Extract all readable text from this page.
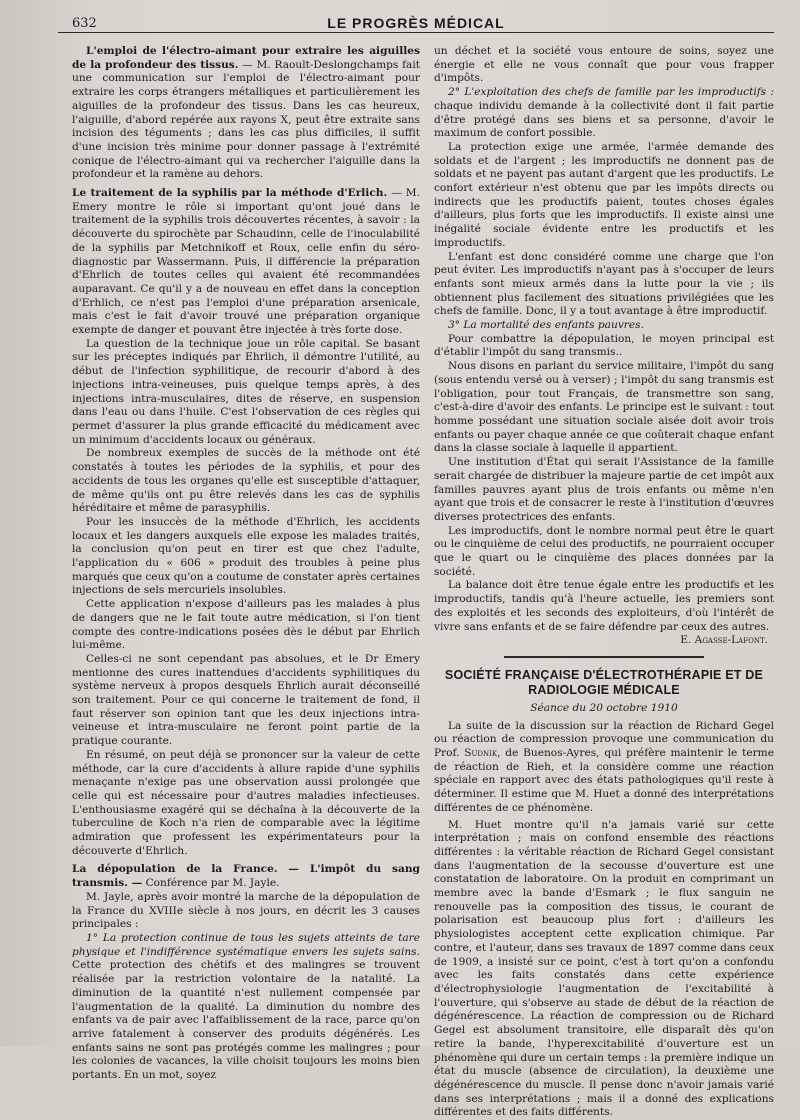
632	LE PROGRÈS MÉDICAL

L'emploi de l'électro-aimant pour extraire les aiguilles de la profondeur des tissus. — M. Raoult-Deslongchamps fait une communication sur l'emploi de l'électro-aimant pour extraire les corps étrangers métalliques et particulièrement les aiguilles de la profondeur des tissus. Dans les cas heureux, l'aiguille, d'abord repérée aux rayons X, peut être extraite sans incision des téguments ; dans les cas plus difficiles, il suffit d'une incision très minime pour donner passage à l'extrémité conique de l'électro-aimant qui va rechercher l'aiguille dans la profondeur et la ramène au dehors.

Le traitement de la syphilis par la méthode d'Erlich. — M. Emery montre le rôle si important qu'ont joué dans le traitement de la syphilis trois découvertes récentes, à savoir : la découverte du spirochète par Schaudinn, celle de l'inoculabilité de la syphilis par Metchnikoff et Roux, celle enfin du séro-diagnostic par Wassermann. Puis, il différencie la préparation d'Ehrlich de toutes celles qui avaient été recommandées auparavant. Ce qu'il y a de nouveau en effet dans la conception d'Erhlich, ce n'est pas l'emploi d'une préparation arsenicale, mais c'est le fait d'avoir trouvé une préparation organique exempte de danger et pouvant être injectée à très forte dose.

La question de la technique joue un rôle capital. Se basant sur les préceptes indiqués par Ehrlich, il démontre l'utilité, au début de l'infection syphilitique, de recourir d'abord à des injections intra-veineuses, puis quelque temps après, à des injections intra-musculaires, dites de réserve, en suspension dans l'eau ou dans l'huile. C'est l'observation de ces règles qui permet d'assurer la plus grande efficacité du médicament avec un minimum d'accidents locaux ou généraux.

De nombreux exemples de succès de la méthode ont été constatés à toutes les périodes de la syphilis, et pour des accidents de tous les organes qu'elle est susceptible d'attaquer, de même qu'ils ont pu être relevés dans les cas de syphilis héréditaire et même de parasyphilis.

Pour les insuccès de la méthode d'Ehrlich, les accidents locaux et les dangers auxquels elle expose les malades traités, la conclusion qu'on peut en tirer est que chez l'adulte, l'application du « 606 » produit des troubles à peine plus marqués que ceux qu'on a coutume de constater après certaines injections de sels mercuriels insolubles.

Cette application n'expose d'ailleurs pas les malades à plus de dangers que ne le fait toute autre médication, si l'on tient compte des contre-indications posées dès le début par Ehrlich lui-même.

Celles-ci ne sont cependant pas absolues, et le Dr Emery mentionne des cures inattendues d'accidents syphilitiques du système nerveux à propos desquels Ehrlich aurait déconseillé son traitement. Pour ce qui concerne le traitement de fond, il faut réserver son opinion tant que les deux injections intra-veineuse et intra-musculaire ne feront point partie de la pratique courante.

En résumé, on peut déjà se prononcer sur la valeur de cette méthode, car la cure d'accidents à allure rapide d'une syphilis menaçante n'exige pas une observation aussi prolongée que celle qui est nécessaire pour d'autres maladies infectieuses. L'enthousiasme exagéré qui se déchaîna à la découverte de la tuberculine de Koch n'a rien de comparable avec la légitime admiration que professent les expérimentateurs pour la découverte d'Ehrlich.

La dépopulation de la France. — L'impôt du sang transmis. — Conférence par M. Jayle.

M. Jayle, après avoir montré la marche de la dépopulation de la France du XVIIIe siècle à nos jours, en décrit les 3 causes principales :

1° La protection continue de tous les sujets atteints de tare physique et l'indifférence systématique envers les sujets sains. Cette protection des chétifs et des malingres se trouvent réalisée par la restriction volontaire de la natalité. La diminution de la quantité n'est nullement compensée par l'augmentation de la qualité. La diminution du nombre des enfants va de pair avec l'affaiblissement de la race, parce qu'on arrive fatalement à conserver des produits dégénérés. Les enfants sains ne sont pas protégés comme les malingres ; pour les colonies de vacances, la ville choisit toujours les moins bien portants. En un mot, soyez

un déchet et la société vous entoure de soins, soyez une énergie et elle ne vous connaît que pour vous frapper d'impôts.

2° L'exploitation des chefs de famille par les improductifs : chaque individu demande à la collectivité dont il fait partie d'être protégé dans ses biens et sa personne, d'avoir le maximum de confort possible.

La protection exige une armée, l'armée demande des soldats et de l'argent ; les improductifs ne donnent pas de soldats et ne payent pas autant d'argent que les productifs. Le confort extérieur n'est obtenu que par les impôts directs ou indirects que les productifs paient, toutes choses égales d'ailleurs, plus forts que les improductifs. Il existe ainsi une inégalité sociale évidente entre les productifs et les improductifs.

L'enfant est donc considéré comme une charge que l'on peut éviter. Les improductifs n'ayant pas à s'occuper de leurs enfants sont mieux armés dans la lutte pour la vie ; ils obtiennent plus facilement des situations privilégiées que les chefs de famille. Donc, il y a tout avantage à être improductif.

3° La mortalité des enfants pauvres.

Pour combattre la dépopulation, le moyen principal est d'établir l'impôt du sang transmis..

Nous disons en parlant du service militaire, l'impôt du sang (sous entendu versé ou à verser) ; l'impôt du sang transmis est l'obligation, pour tout Français, de transmettre son sang, c'est-à-dire d'avoir des enfants. Le principe est le suivant : tout homme possédant une situation sociale aisée doit avoir trois enfants ou payer chaque année ce que coûterait chaque enfant dans la classe sociale à laquelle il appartient.

Une institution d'État qui serait l'Assistance de la famille serait chargée de distribuer la majeure partie de cet impôt aux familles pauvres ayant plus de trois enfants ou même n'en ayant que trois et de consacrer le reste à l'institution d'œuvres diverses protectrices des enfants.

Les improductifs, dont le nombre normal peut être le quart ou le cinquième de celui des productifs, ne pourraient occuper que le quart ou le cinquième des places données par la société.

La balance doit être tenue égale entre les productifs et les improductifs, tandis qu'à l'heure actuelle, les premiers sont des exploités et les seconds des exploiteurs, d'où l'intérêt de vivre sans enfants et de se faire défendre par ceux des autres.

E. Agasse-Lafont.
SOCIÉTÉ FRANÇAISE D'ÉLECTROTHÉRAPIE ET DE RADIOLOGIE MÉDICALE
Séance du 20 octobre 1910

La suite de la discussion sur la réaction de Richard Gegel ou réaction de compression provoque une communication du Prof. Sudnik, de Buenos-Ayres, qui préfère maintenir le terme de réaction de Rieh, et la considère comme une réaction spéciale en rapport avec des états pathologiques qu'il reste à déterminer. Il estime que M. Huet a donné des interprétations différentes de ce phénomène.

M. Huet montre qu'il n'a jamais varié sur cette interprétation ; mais on confond ensemble des réactions différentes : la véritable réaction de Richard Gegel consistant dans l'augmentation de la secousse d'ouverture est une constatation de laboratoire. On la produit en comprimant un membre avec la bande d'Esmark ; le flux sanguin ne renouvelle pas la composition des tissus, le courant de polarisation est beaucoup plus fort : d'ailleurs les physiologistes acceptent cette explication chimique. Par contre, et l'auteur, dans ses travaux de 1897 comme dans ceux de 1909, a insisté sur ce point, c'est à tort qu'on a confondu avec les faits constatés dans cette expérience d'électrophysiologie l'augmentation de l'excitabilité à l'ouverture, qui s'observe au stade de début de la réaction de dégénérescence. La réaction de compression ou de Richard Gegel est absolument transitoire, elle disparaît dès qu'on retire la bande, l'hyperexcitabilité d'ouverture est un phénomène qui dure un certain temps : la première indique un état du muscle (absence de circulation), la deuxième une dégénérescence du muscle. Il pense donc n'avoir jamais varié dans ses interprétations ; mais il a donné des explications différentes et des faits différents.
